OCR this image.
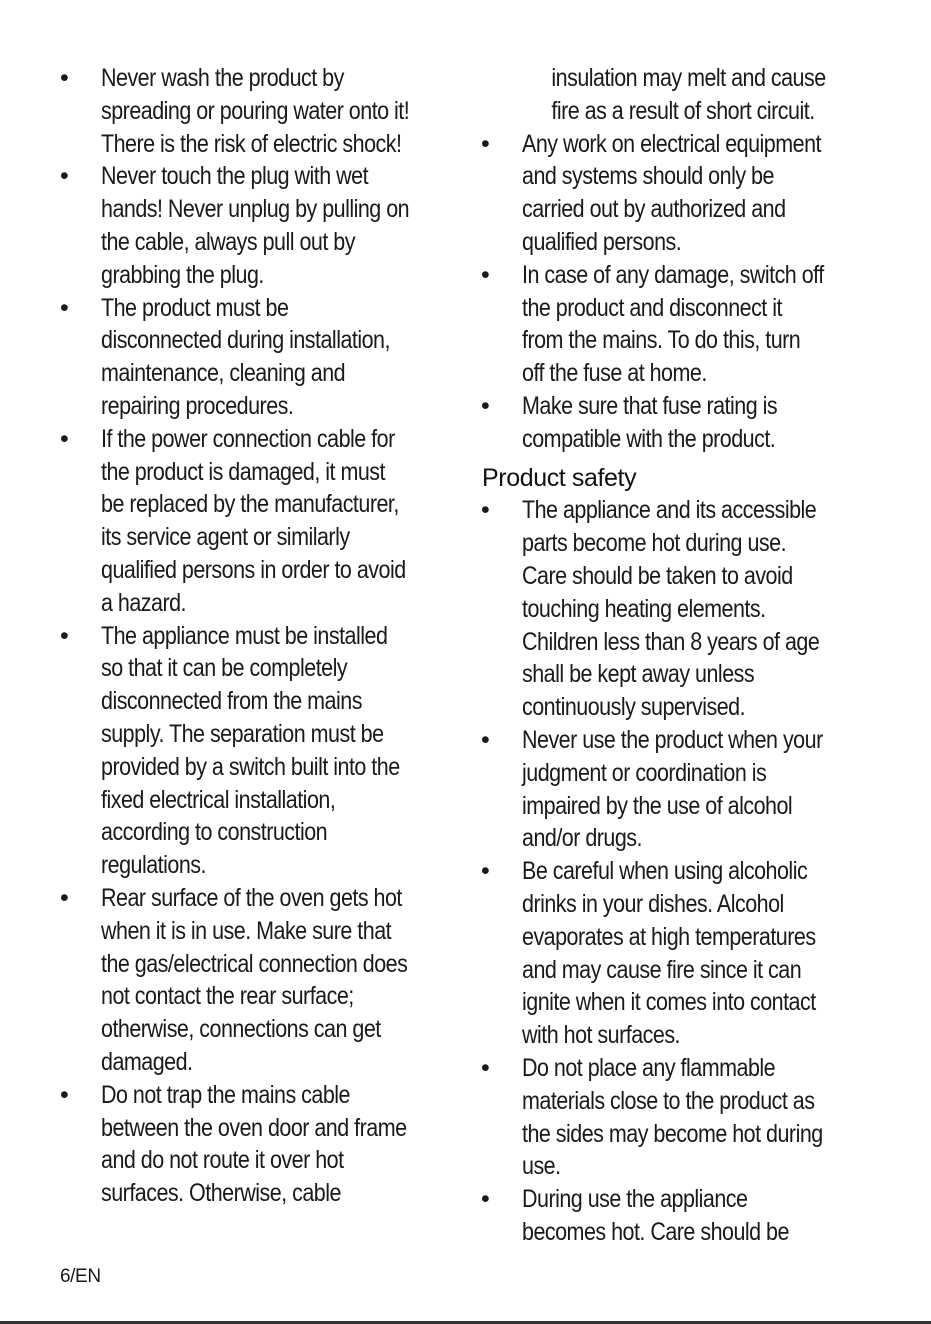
•	Never wash the product by
spreading or pouring water onto it!
There is the risk of electric shock!
•	Never touch the plug with wet
hands! Never unplug by pulling on
the cable, always pull out by
grabbing the plug.
•	The product must be
disconnected during installation,
maintenance, cleaning and
repairing procedures.
•	If the power connection cable for
the product is damaged, it must
be replaced by the manufacturer,
its service agent or similarly
qualified persons in order to avoid
a hazard.
•	The appliance must be installed
so that it can be completely
disconnected from the mains
supply. The separation must be
provided by a switch built into the
fixed electrical installation,
according to construction
regulations.
•	Rear surface of the oven gets hot
when it is in use. Make sure that
the gas/electrical connection does
not contact the rear surface;
otherwise, connections can get
damaged.
•	Do not trap the mains cable
between the oven door and frame
and do not route it over hot
surfaces. Otherwise, cable
insulation may melt and cause
fire as a result of short circuit.
•	Any work on electrical equipment
and systems should only be
carried out by authorized and
qualified persons.
•	In case of any damage, switch off
the product and disconnect it
from the mains. To do this, turn
off the fuse at home.
•	Make sure that fuse rating is
compatible with the product.
Product safety
•	The appliance and its accessible
parts become hot during use.
Care should be taken to avoid
touching heating elements.
Children less than 8 years of age
shall be kept away unless
continuously supervised.
•	Never use the product when your
judgment or coordination is
impaired by the use of alcohol
and/or drugs.
•	Be careful when using alcoholic
drinks in your dishes. Alcohol
evaporates at high temperatures
and may cause fire since it can
ignite when it comes into contact
with hot surfaces.
•	Do not place any flammable
materials close to the product as
the sides may become hot during
use.
•	During use the appliance
becomes hot. Care should be
6/EN
